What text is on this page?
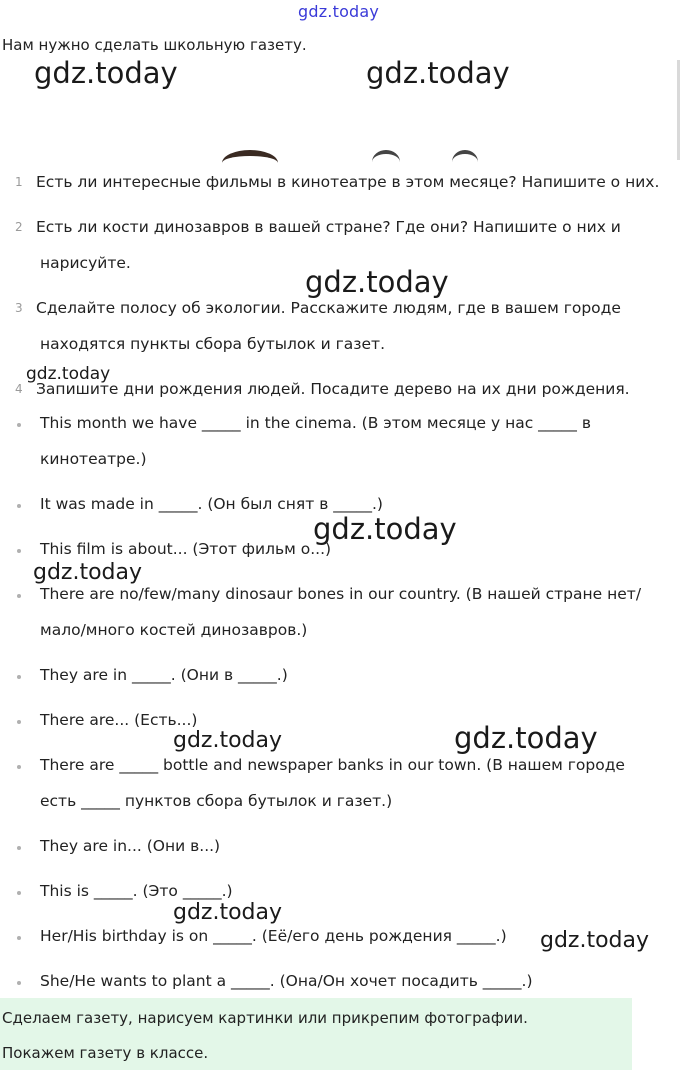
gdz.today
Нам нужно сделать школьную газету.
1 Есть ли интересные фильмы в кинотеатре в этом месяце? Напишите о них.
2 Есть ли кости динозавров в вашей стране? Где они? Напишите о них и
нарисуйте.
3 Сделайте полосу об экологии. Расскажите людям, где в вашем городе
находятся пункты сбора бутылок и газет.
4 Запишите дни рождения людей. Посадите дерево на их дни рождения.
This month we have _____ in the cinema. (В этом месяце у нас _____ в
кинотеатре.)
It was made in _____. (Он был снят в _____.)
This film is about... (Этот фильм о...)
There are no/few/many dinosaur bones in our country. (В нашей стране нет/
мало/много костей динозавров.)
They are in _____. (Они в _____.)
There are... (Есть...)
There are _____ bottle and newspaper banks in our town. (В нашем городе
есть _____ пунктов сбора бутылок и газет.)
They are in... (Они в...)
This is _____. (Это _____.)
Her/His birthday is on _____. (Её/его день рождения _____.)
She/He wants to plant a _____. (Она/Он хочет посадить _____.)
Сделаем газету, нарисуем картинки или прикрепим фотографии.
Покажем газету в классе.
gdz.today	gdz.today
gdz.today
gdz.today
gdz.today
gdz.today
gdz.today	gdz.today
gdz.today
gdz.today
